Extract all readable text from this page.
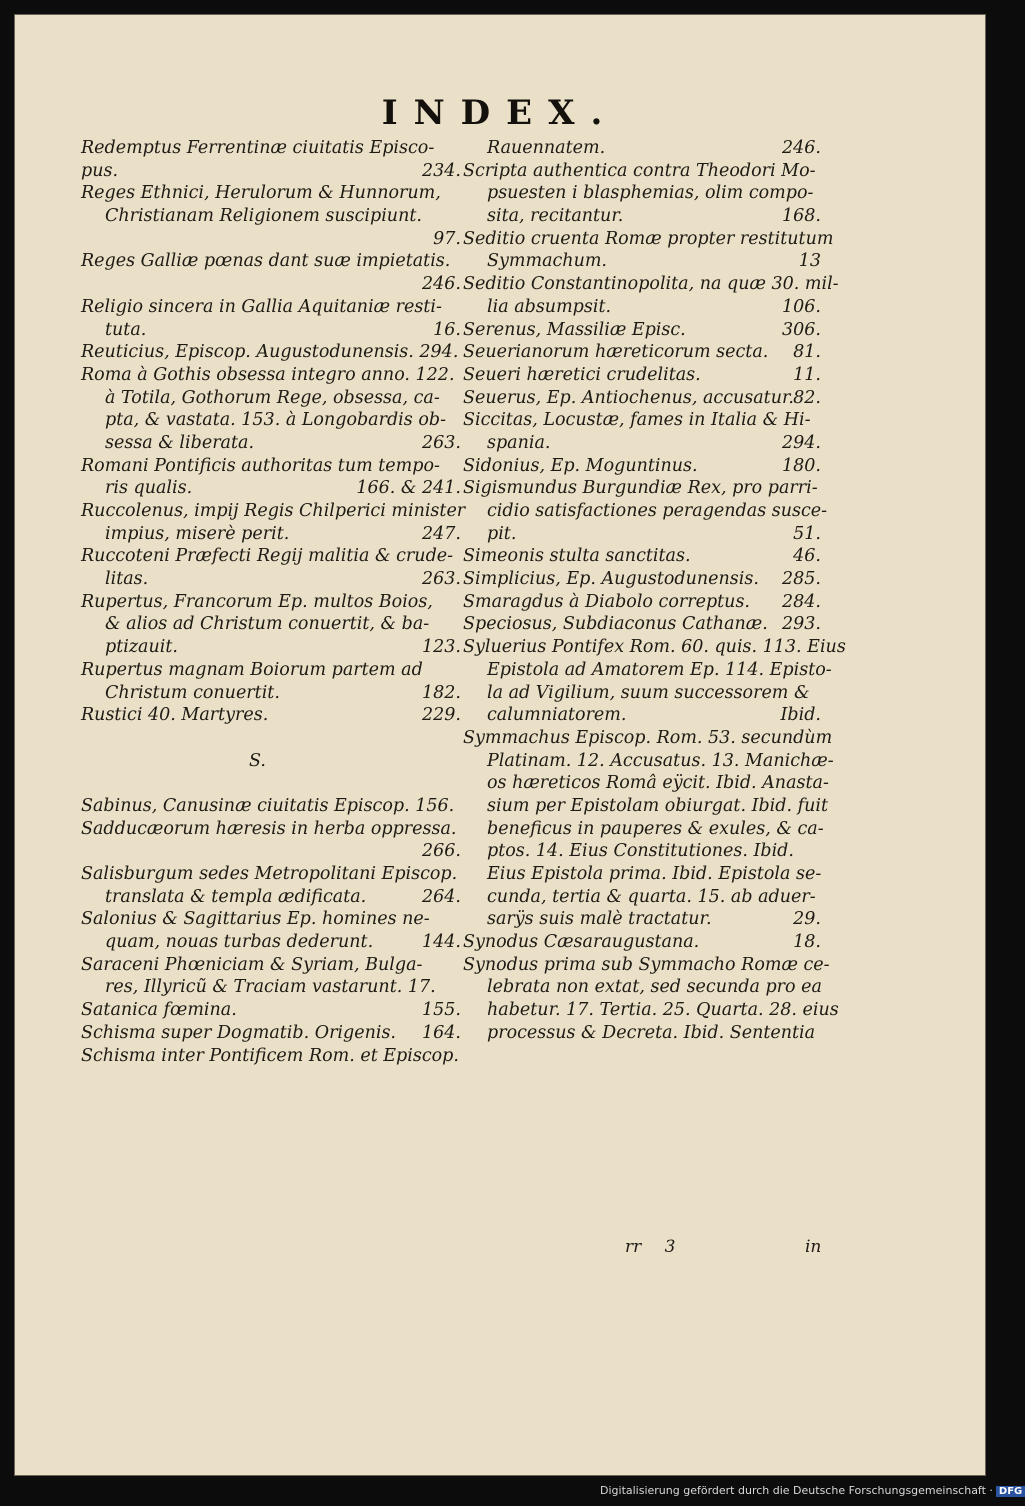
INDEX.
Redemptus Ferrentinæ ciuitatis Episco-
pus.	234.
Reges Ethnici, Herulorum & Hunnorum,
Christianam Religionem suscipiunt.
97.
Reges Galliæ pœnas dant suæ impietatis.
246.
Religio sincera in Gallia Aquitaniæ resti-
tuta.	16.
Reuticius, Episcop. Augustodunensis. 294.
Roma à Gothis obsessa integro anno. 122.
à Totila, Gothorum Rege, obsessa, ca-
pta, & vastata. 153. à Longobardis ob-
sessa & liberata.	263.
Romani Pontificis authoritas tum tempo-
ris qualis.	166. & 241.
Ruccolenus, impij Regis Chilperici minister
impius, miserè perit.	247.
Ruccoteni Præfecti Regij malitia & crude-
litas.	263.
Rupertus, Francorum Ep. multos Boios,
& alios ad Christum conuertit, & ba-
ptizauit.	123.
Rupertus magnam Boiorum partem ad
Christum conuertit.	182.
Rustici 40. Martyres.	229.
S.
Sabinus, Canusinæ ciuitatis Episcop. 156.
Sadducæorum hæresis in herba oppressa.
266.
Salisburgum sedes Metropolitani Episcop.
translata & templa ædificata.	264.
Salonius & Sagittarius Ep. homines ne-
quam, nouas turbas dederunt.	144.
Saraceni Phœniciam & Syriam, Bulga-
res, Illyricũ & Traciam vastarunt. 17.
Satanica fœmina.	155.
Schisma super Dogmatib. Origenis. 164.
Schisma inter Pontificem Rom. et Episcop.
Rauennatem.	246.
Scripta authentica contra Theodori Mo-
psuesten i blasphemias, olim compo-
sita, recitantur.	168.
Seditio cruenta Romæ propter restitutum
Symmachum.	13
Seditio Constantinopolita, na quæ 30. mil-
lia absumpsit.	106.
Serenus, Massiliæ Episc.	306.
Seuerianorum hæreticorum secta. 81.
Seueri hæretici crudelitas.	11.
Seuerus, Ep. Antiochenus, accusatur. 82.
Siccitas, Locustæ, fames in Italia & Hi-
spania.	294.
Sidonius, Ep. Moguntinus.	180.
Sigismundus Burgundiæ Rex, pro parri-
cidio satisfactiones peragendas susce-
pit.	51.
Simeonis stulta sanctitas.	46.
Simplicius, Ep. Augustodunensis. 285.
Smaragdus à Diabolo correptus. 284.
Speciosus, Subdiaconus Cathanæ. 293.
Syluerius Pontifex Rom. 60. quis. 113. Eius
Epistola ad Amatorem Ep. 114. Episto-
la ad Vigilium, suum successorem &
calumniatorem.	Ibid.
Symmachus Episcop. Rom. 53. secundùm
Platinam. 12. Accusatus. 13. Manichæ-
os hæreticos Româ eÿcit. Ibid. Anasta-
sium per Epistolam obiurgat. Ibid. fuit
beneficus in pauperes & exules, & ca-
ptos. 14. Eius Constitutiones. Ibid.
Eius Epistola prima. Ibid. Epistola se-
cunda, tertia & quarta. 15. ab aduer-
sarÿs suis malè tractatur.	29.
Synodus Cæsaraugustana.	18.
Synodus prima sub Symmacho Romæ ce-
lebrata non extat, sed secunda pro ea
habetur. 17. Tertia. 25. Quarta. 28. eius
processus & Decreta. Ibid. Sententia
rr 3	in
Digitalisierung gefördert durch die Deutsche Forschungsgemeinschaft · DFG
